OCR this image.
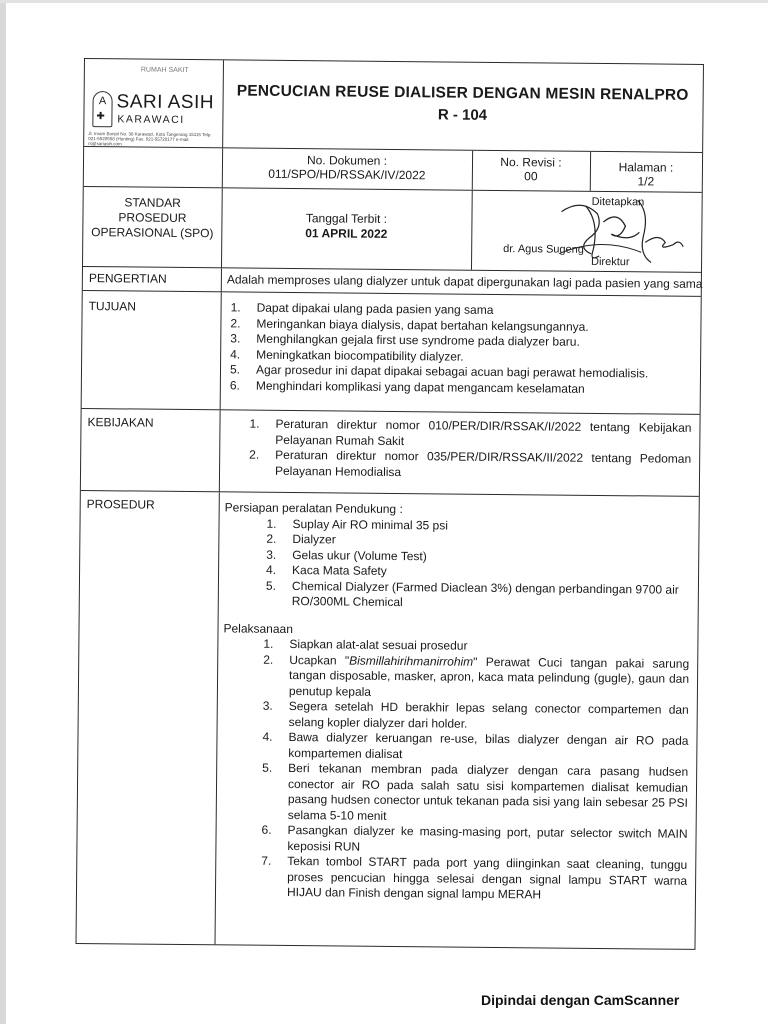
RUMAH SAKIT
A
✚
SARI ASIH
KARAWACI
Jl. Imam Bonjol No. 38 Karawaci, Kota Tangerang 15115 Telp. 021-5520558 (Hunting) Fax. 021-55720177 e-mail: rs@sariasih.com
PENCUCIAN REUSE DIALISER DENGAN MESIN RENALPRO
R - 104
No. Dokumen :
011/SPO/HD/RSSAK/IV/2022
No. Revisi :
00
Halaman :
1/2
STANDAR
PROSEDUR
OPERASIONAL (SPO)
Tanggal Terbit :
01 APRIL 2022
Ditetapkan
dr. Agus Sugeng
Direktur
PENGERTIAN	Adalah memproses ulang dialyzer untuk dapat dipergunakan lagi pada pasien yang sama
TUJUAN	1.	Dapat dipakai ulang pada pasien yang sama
2.	Meringankan biaya dialysis, dapat bertahan kelangsungannya.
3.	Menghilangkan gejala first use syndrome pada dialyzer baru.
4.	Meningkatkan biocompatibility dialyzer.
5.	Agar prosedur ini dapat dipakai sebagai acuan bagi perawat hemodialisis.
6.	Menghindari komplikasi yang dapat mengancam keselamatan
KEBIJAKAN	1.	Peraturan direktur nomor 010/PER/DIR/RSSAK/I/2022 tentang Kebijakan Pelayanan Rumah Sakit
2.	Peraturan direktur nomor 035/PER/DIR/RSSAK/II/2022 tentang Pedoman Pelayanan Hemodialisa
PROSEDUR	Persiapan peralatan Pendukung :
1.	Suplay Air RO minimal 35 psi
2.	Dialyzer
3.	Gelas ukur (Volume Test)
4.	Kaca Mata Safety
5.	Chemical Dialyzer (Farmed Diaclean 3%) dengan perbandingan 9700 air RO/300ML Chemical
Pelaksanaan
1.	Siapkan alat-alat sesuai prosedur
2.	Ucapkan "Bismillahirihmanirrohim" Perawat Cuci tangan pakai sarung tangan disposable, masker, apron, kaca mata pelindung (gugle), gaun dan penutup kepala
3.	Segera setelah HD berakhir lepas selang conector compartemen dan selang kopler dialyzer dari holder.
4.	Bawa dialyzer keruangan re-use, bilas dialyzer dengan air RO pada kompartemen dialisat
5.	Beri tekanan membran pada dialyzer dengan cara pasang hudsen conector air RO pada salah satu sisi kompartemen dialisat kemudian pasang hudsen conector untuk tekanan pada sisi yang lain sebesar 25 PSI selama 5-10 menit
6.	Pasangkan dialyzer ke masing-masing port, putar selector switch MAIN keposisi RUN
7.	Tekan tombol START pada port yang diinginkan saat cleaning, tunggu proses pencucian hingga selesai dengan signal lampu START warna HIJAU dan Finish dengan signal lampu MERAH
Dipindai dengan CamScanner
